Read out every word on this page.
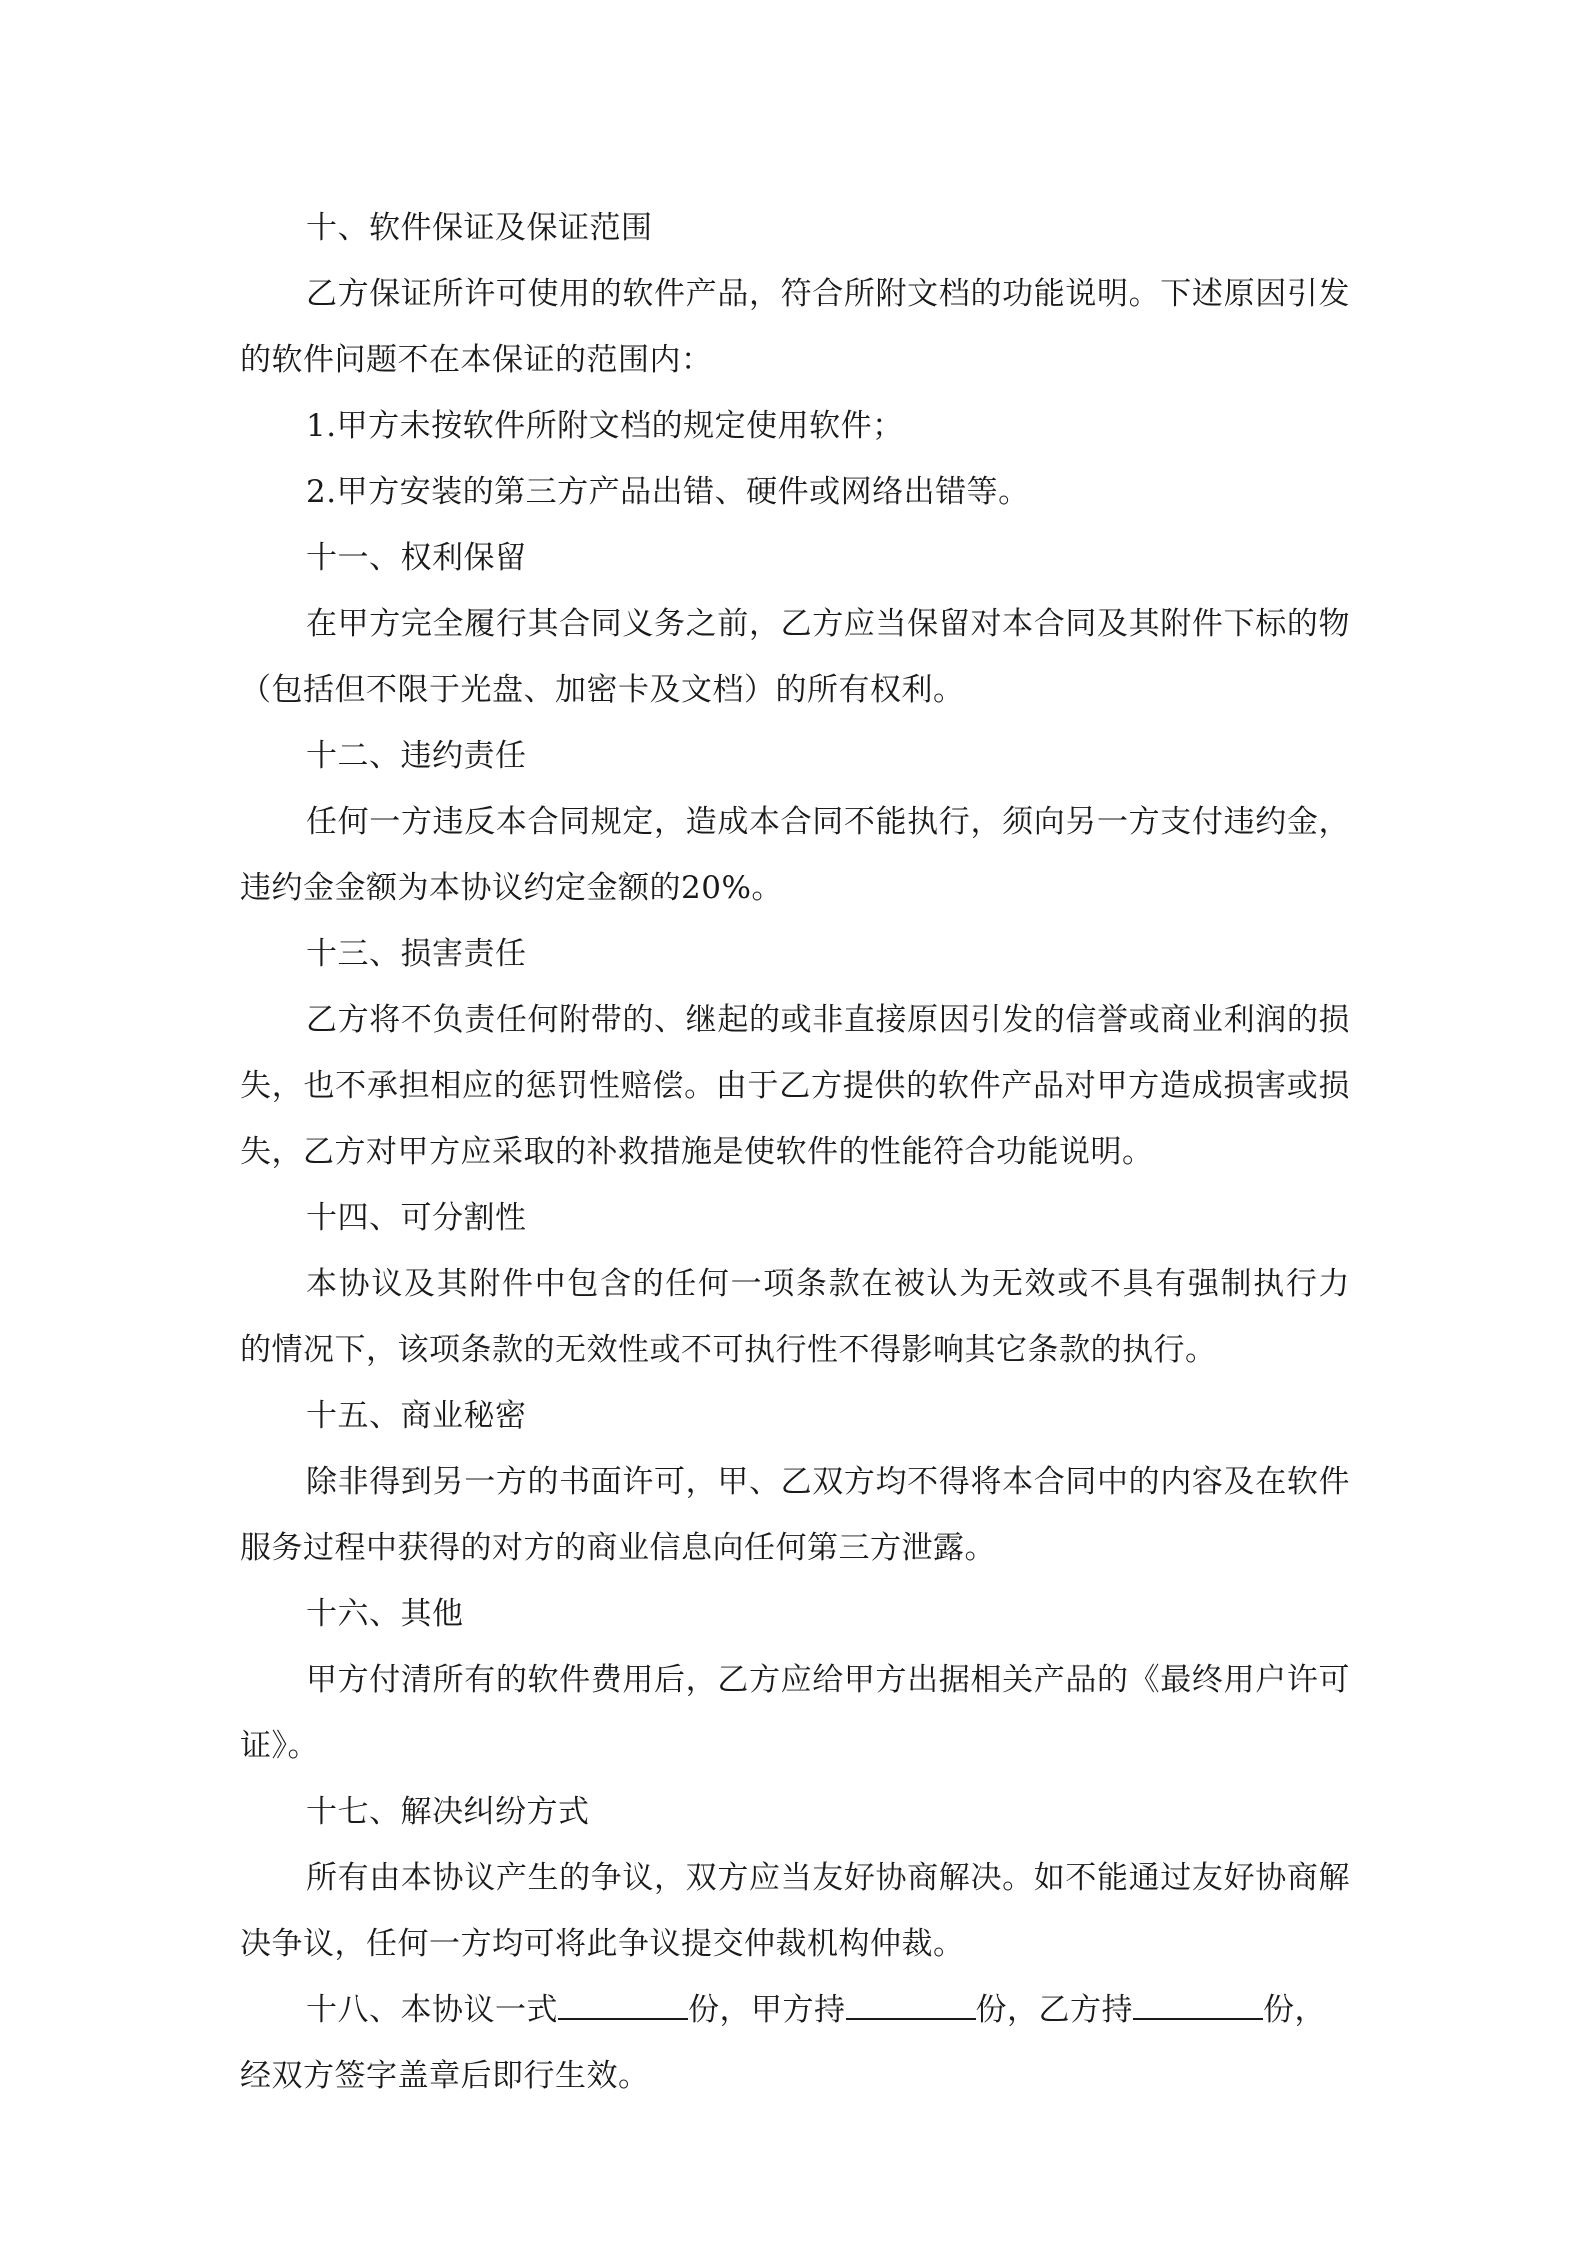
十、软件保证及保证范围
乙方保证所许可使用的软件产品，符合所附文档的功能说明。下述原因引发
的软件问题不在本保证的范围内：
1.甲方未按软件所附文档的规定使用软件；
2.甲方安装的第三方产品出错、硬件或网络出错等。
十一、权利保留
在甲方完全履行其合同义务之前，乙方应当保留对本合同及其附件下标的物
（包括但不限于光盘、加密卡及文档）的所有权利。
十二、违约责任
任何一方违反本合同规定，造成本合同不能执行，须向另一方支付违约金，
违约金金额为本协议约定金额的20%。
十三、损害责任
乙方将不负责任何附带的、继起的或非直接原因引发的信誉或商业利润的损
失，也不承担相应的惩罚性赔偿。由于乙方提供的软件产品对甲方造成损害或损
失，乙方对甲方应采取的补救措施是使软件的性能符合功能说明。
十四、可分割性
本协议及其附件中包含的任何一项条款在被认为无效或不具有强制执行力
的情况下，该项条款的无效性或不可执行性不得影响其它条款的执行。
十五、商业秘密
除非得到另一方的书面许可，甲、乙双方均不得将本合同中的内容及在软件
服务过程中获得的对方的商业信息向任何第三方泄露。
十六、其他
甲方付清所有的软件费用后，乙方应给甲方出据相关产品的《最终用户许可
证》。
十七、解决纠纷方式
所有由本协议产生的争议，双方应当友好协商解决。如不能通过友好协商解
决争议，任何一方均可将此争议提交仲裁机构仲裁。
十八、本协议一式	份，甲方持	份，乙方持	份，
经双方签字盖章后即行生效。
